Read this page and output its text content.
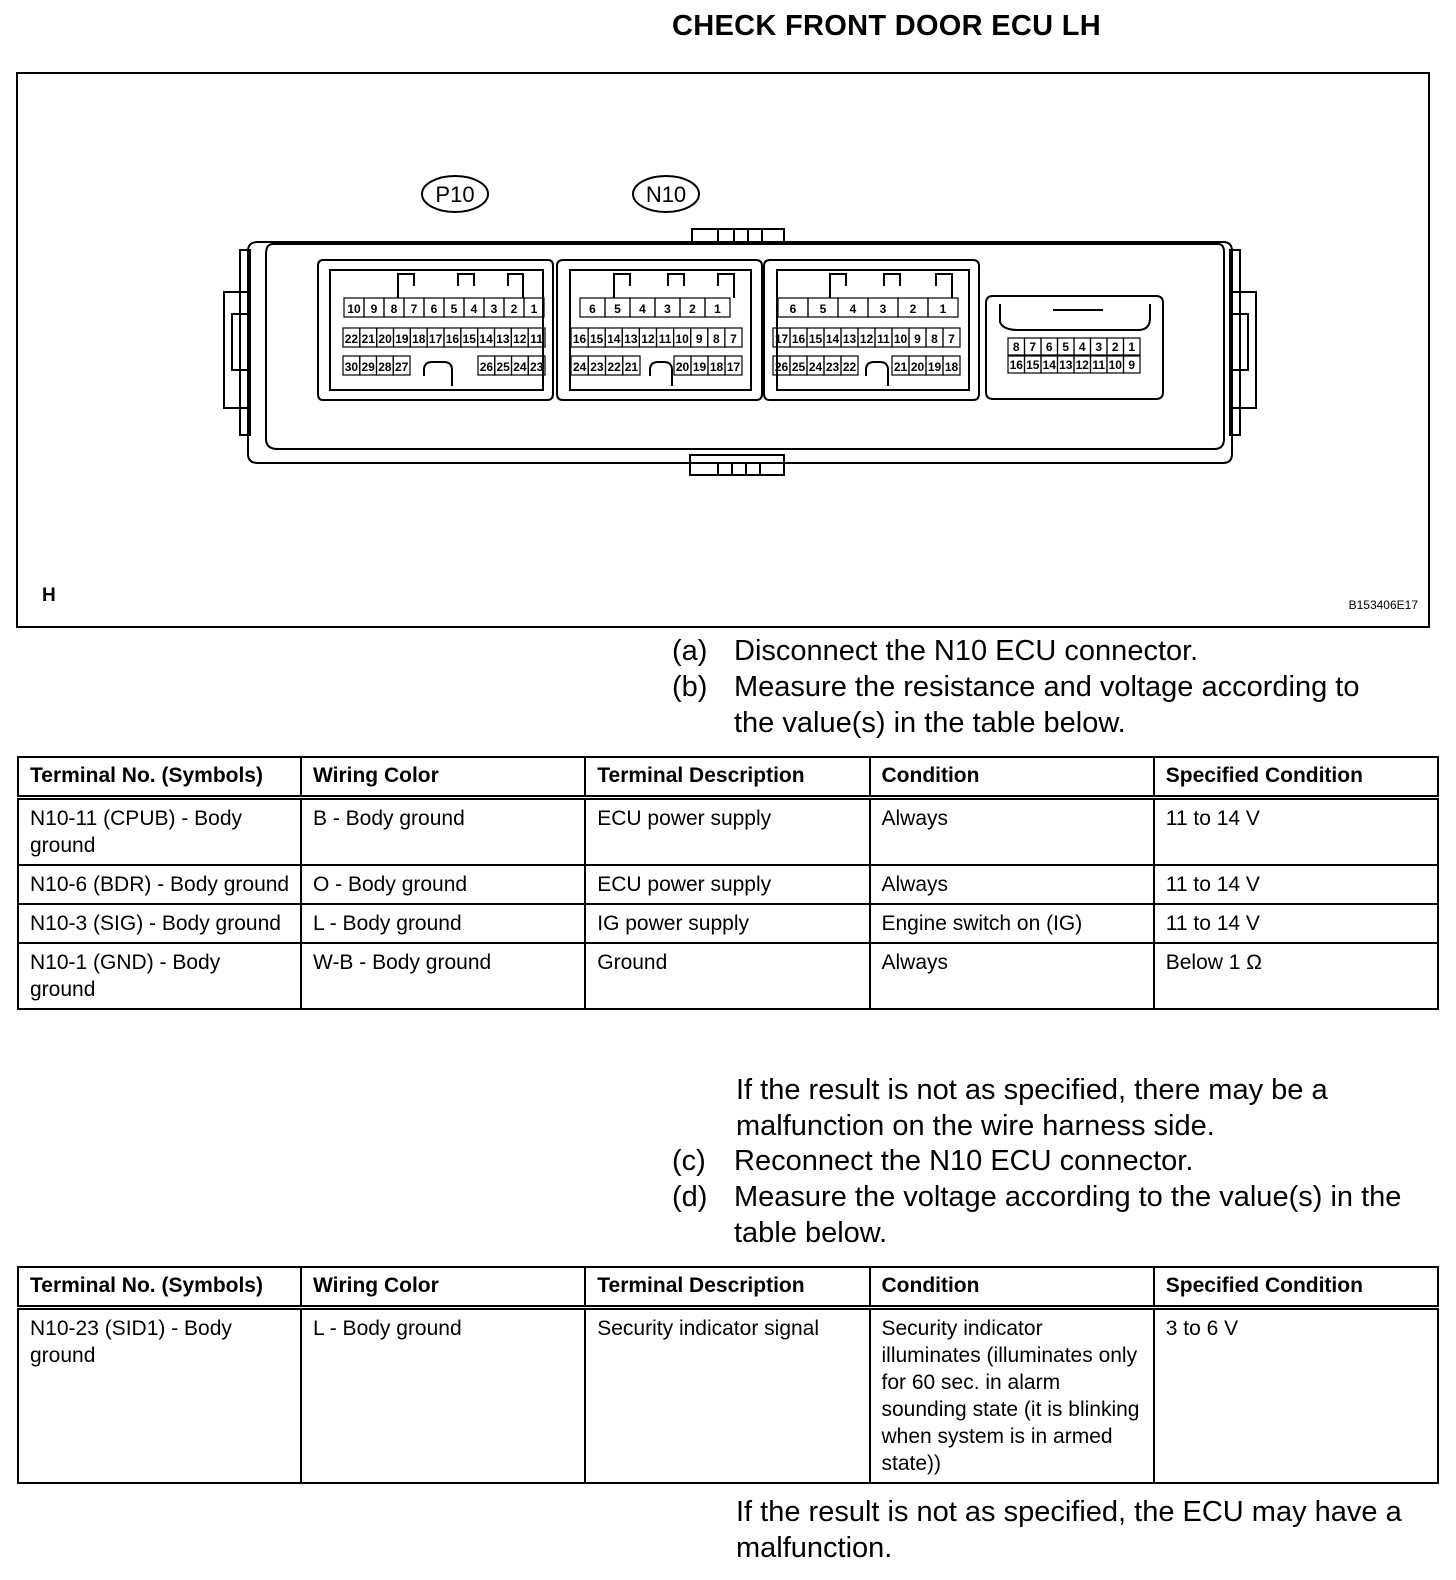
CHECK FRONT DOOR ECU LH
P10	N10
10 9 8 7 6 5 4 3 2 1
22 21 20 19 18 17 16 15 14 13 12 11
30 29 28 27	26 25 24 23
6 5 4 3 2 1
16 15 14 13 12 11 10 9 8 7
24 23 22 21	20 19 18 17
6 5 4 3 2 1
17 16 15 14 13 12 11 10 9 8 7
26 25 24 23 22	21 20 19 18
8 7 6 5 4 3 2 1
16 15 14 13 12 11 10 9
H	B153406E17
(a) Disconnect the N10 ECU connector.
(b) Measure the resistance and voltage according to the value(s) in the table below.
Terminal No. (Symbols)	Wiring Color	Terminal Description	Condition	Specified Condition
N10-11 (CPUB) - Body ground	B - Body ground	ECU power supply	Always	11 to 14 V
N10-6 (BDR) - Body ground	O - Body ground	ECU power supply	Always	11 to 14 V
N10-3 (SIG) - Body ground	L - Body ground	IG power supply	Engine switch on (IG)	11 to 14 V
N10-1 (GND) - Body ground	W-B - Body ground	Ground	Always	Below 1 Ω
If the result is not as specified, there may be a malfunction on the wire harness side.
(c) Reconnect the N10 ECU connector.
(d) Measure the voltage according to the value(s) in the table below.
Terminal No. (Symbols)	Wiring Color	Terminal Description	Condition	Specified Condition
N10-23 (SID1) - Body ground	L - Body ground	Security indicator signal	Security indicator illuminates (illuminates only for 60 sec. in alarm sounding state (it is blinking when system is in armed state))	3 to 6 V
If the result is not as specified, the ECU may have a malfunction.
